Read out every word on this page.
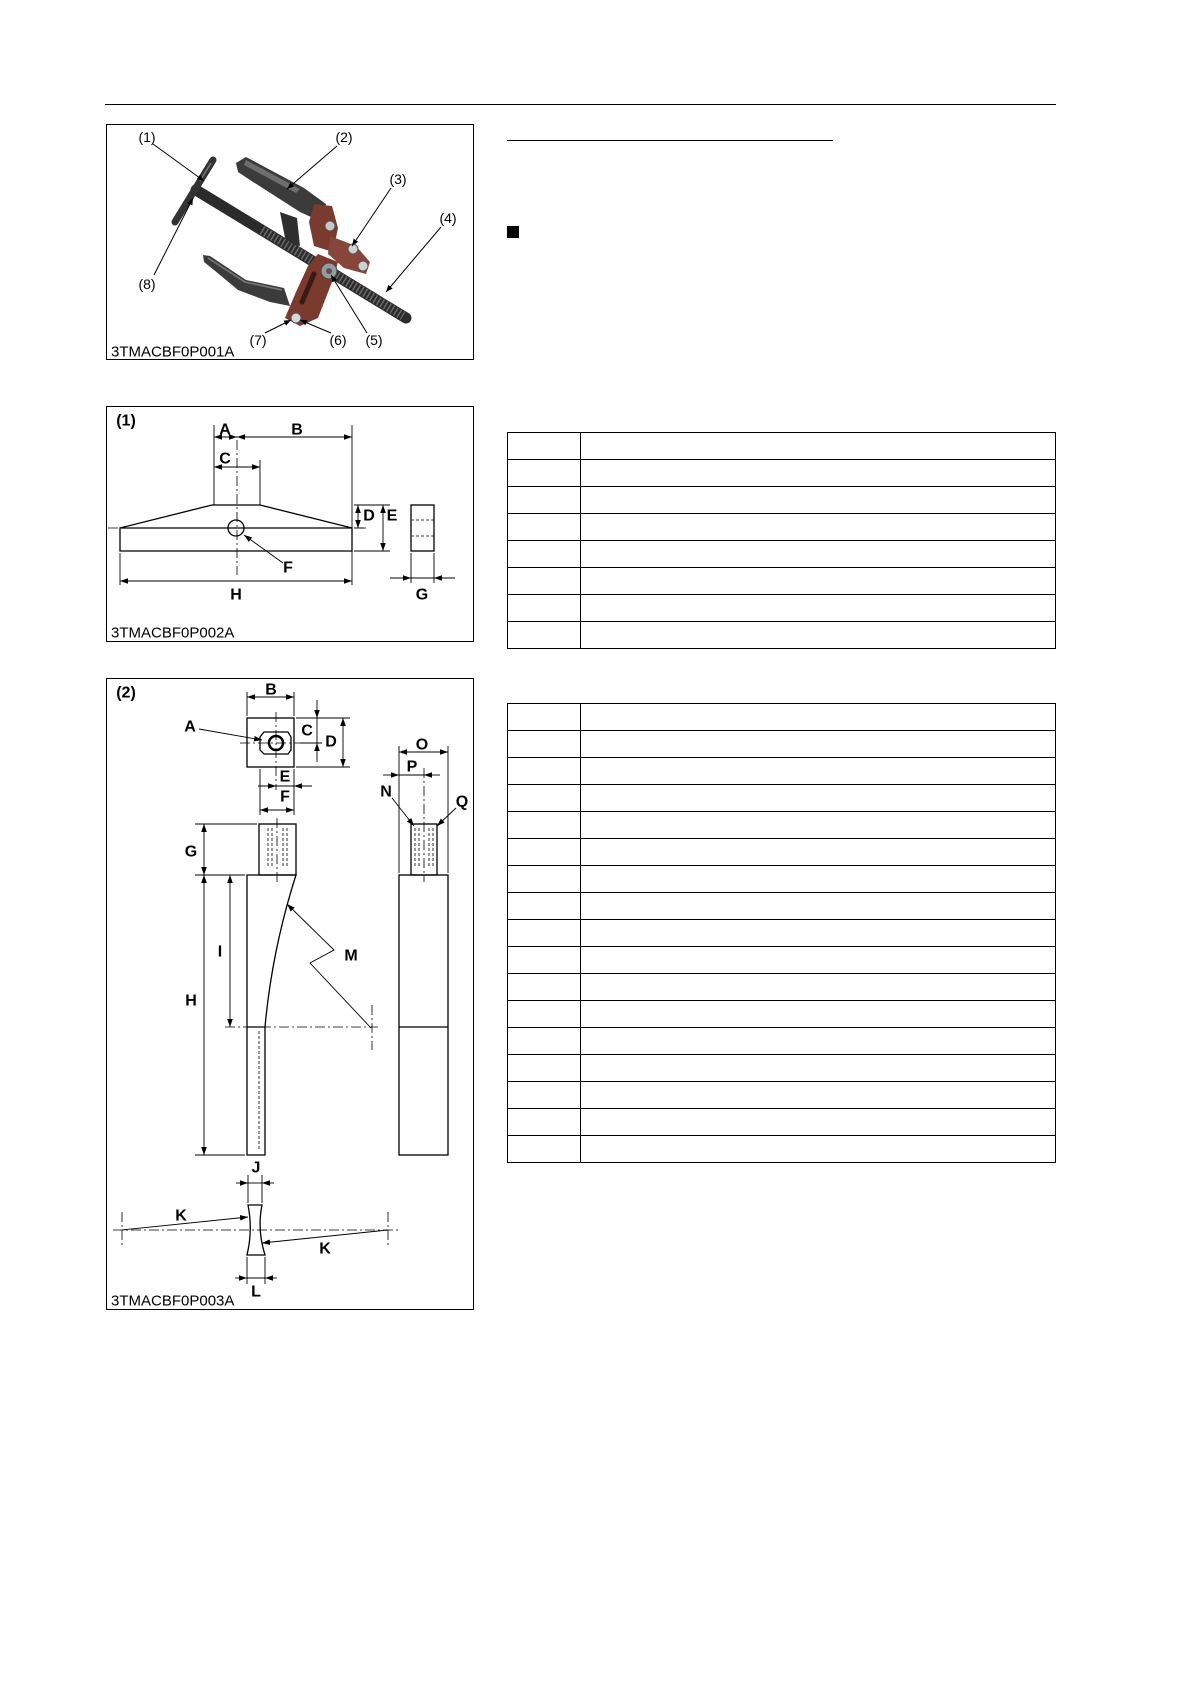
(1)	(2)
(3)
(4)
(5)
(6)
(7)
(8)
3TMACBF0P001A
(1)
A	B
C
D E
F
G
H
3TMACBF0P002A
(2)
A
B
C
D
E
F
G
H
I
J
K
K
L
M
N
O
P
Q
3TMACBF0P003A
